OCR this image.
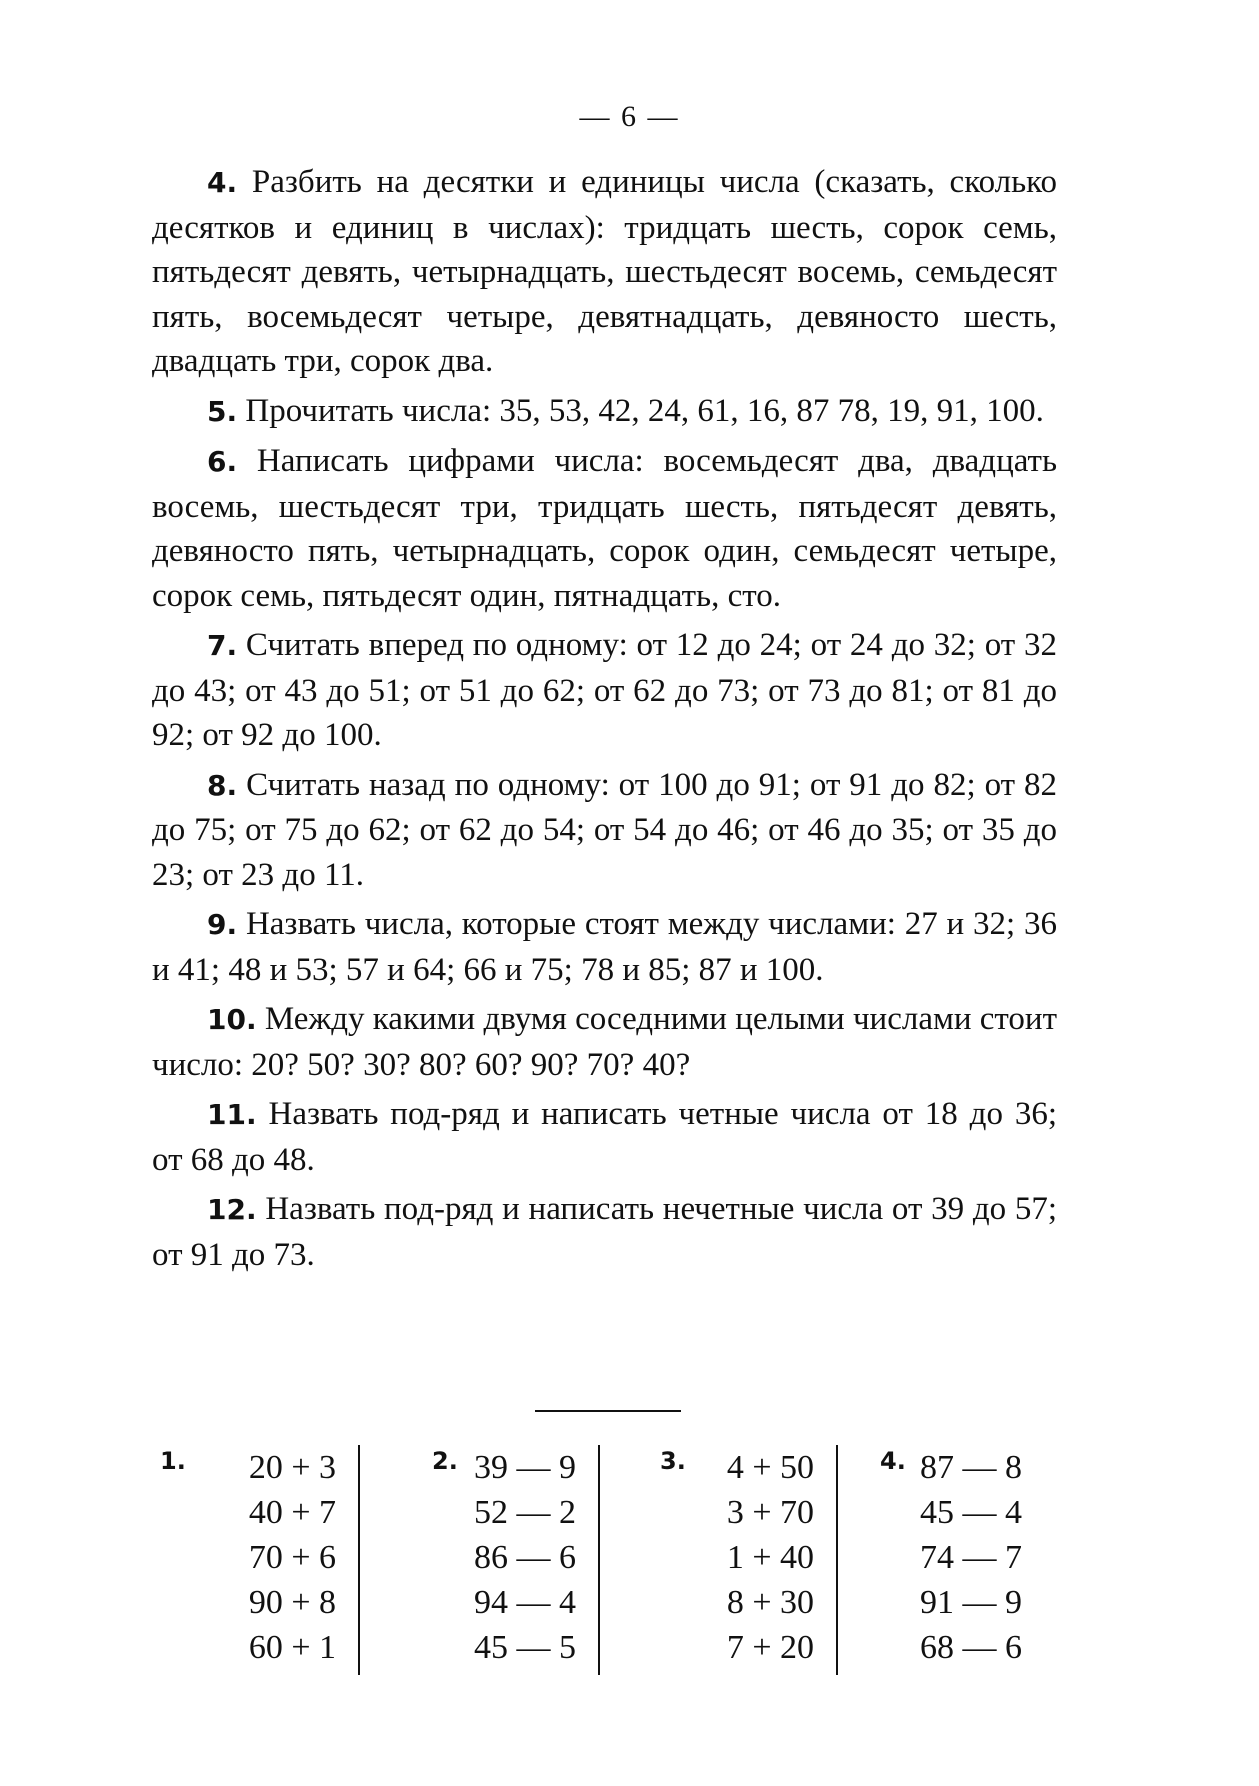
— 6 —

4. Разбить на десятки и единицы числа (сказать, сколько десятков и единиц в числах): тридцать шесть, сорок семь, пятьдесят девять, четырнадцать, шестьдесят восемь, семьдесят пять, восемьдесят четыре, девятнадцать, девяносто шесть, двадцать три, сорок два.

5. Прочитать числа: 35, 53, 42, 24, 61, 16, 87 78, 19, 91, 100.

6. Написать цифрами числа: восемьдесят два, двадцать восемь, шестьдесят три, тридцать шесть, пятьдесят девять, девяносто пять, четырнадцать, сорок один, семьдесят четыре, сорок семь, пятьдесят один, пятнадцать, сто.

7. Считать вперед по одному: от 12 до 24; от 24 до 32; от 32 до 43; от 43 до 51; от 51 до 62; от 62 до 73; от 73 до 81; от 81 до 92; от 92 до 100.

8. Считать назад по одному: от 100 до 91; от 91 до 82; от 82 до 75; от 75 до 62; от 62 до 54; от 54 до 46; от 46 до 35; от 35 до 23; от 23 до 11.

9. Назвать числа, которые стоят между числами: 27 и 32; 36 и 41; 48 и 53; 57 и 64; 66 и 75; 78 и 85; 87 и 100.

10. Между какими двумя соседними целыми числами стоит число: 20? 50? 30? 80? 60? 90? 70? 40?

11. Назвать под-ряд и написать четные числа от 18 до 36; от 68 до 48.

12. Назвать под-ряд и написать нечетные числа от 39 до 57; от 91 до 73.

1. 20 + 3
40 + 7
70 + 6
90 + 8
60 + 1
2. 39 — 9
52 — 2
86 — 6
94 — 4
45 — 5
3. 4 + 50
3 + 70
1 + 40
8 + 30
7 + 20
4. 87 — 8
45 — 4
74 — 7
91 — 9
68 — 6
